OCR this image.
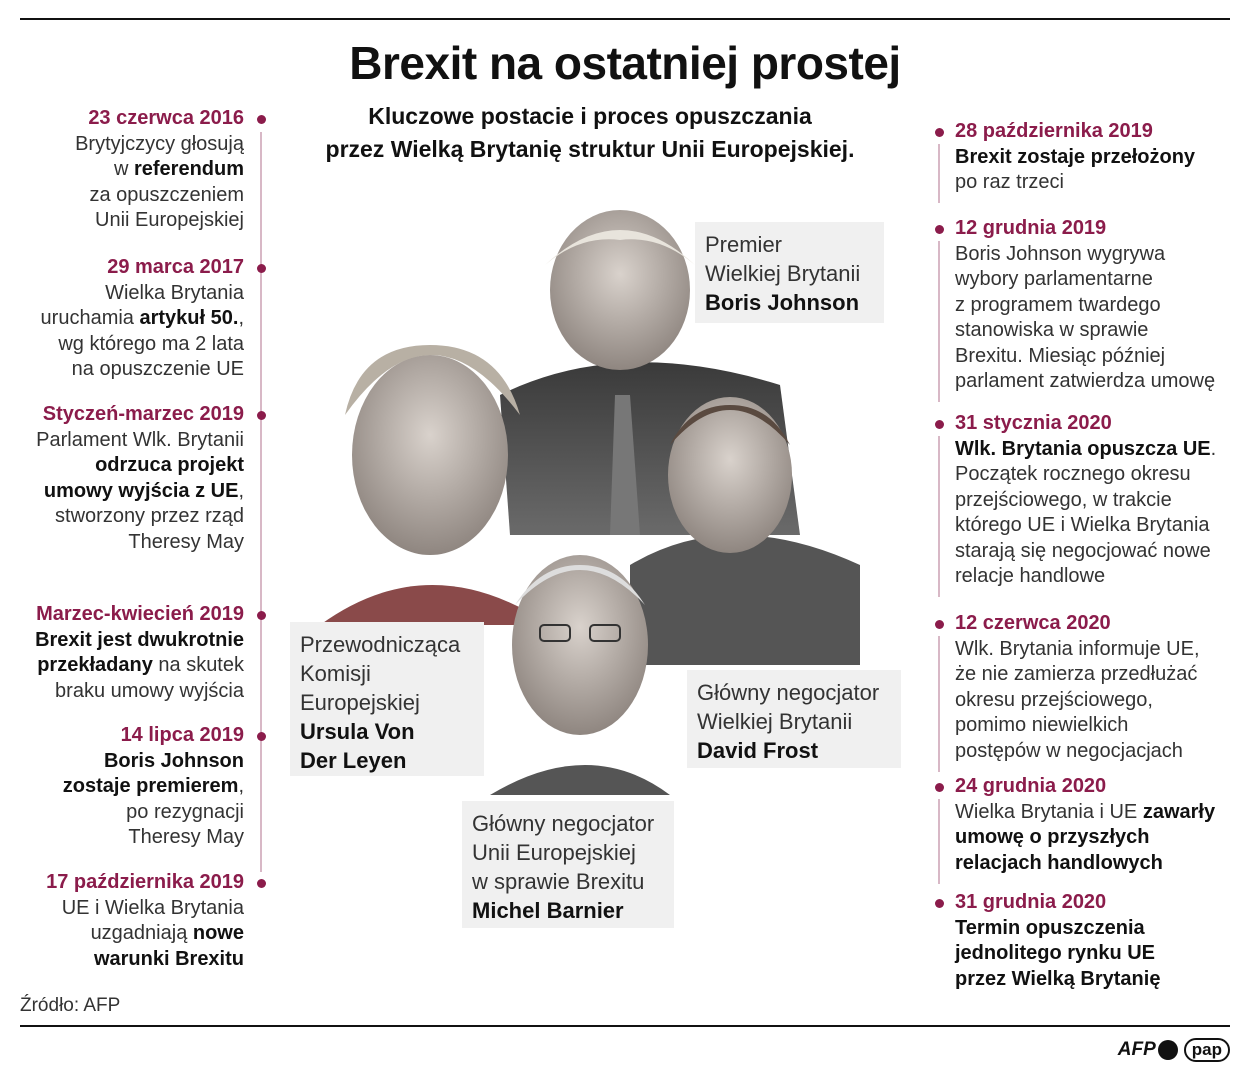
Brexit na ostatniej prostej
Kluczowe postacie i proces opuszczania
przez Wielką Brytanię struktur Unii Europejskiej.
23 czerwca 2016
Brytyjczycy głosują
w referendum
za opuszczeniem
Unii Europejskiej
29 marca 2017
Wielka Brytania
uruchamia artykuł 50.,
wg którego ma 2 lata
na opuszczenie UE
Styczeń-marzec 2019
Parlament Wlk. Brytanii
odrzuca projekt
umowy wyjścia z UE,
stworzony przez rząd
Theresy May
Marzec-kwiecień 2019
Brexit jest dwukrotnie
przekładany na skutek
braku umowy wyjścia
14 lipca 2019
Boris Johnson
zostaje premierem,
po rezygnacji
Theresy May
17 października 2019
UE i Wielka Brytania
uzgadniają nowe
warunki Brexitu
28 października 2019
Brexit zostaje przełożony
po raz trzeci
12 grudnia 2019
Boris Johnson wygrywa
wybory parlamentarne
z programem twardego
stanowiska w sprawie
Brexitu. Miesiąc później
parlament zatwierdza umowę
31 stycznia 2020
Wlk. Brytania opuszcza UE.
Początek rocznego okresu
przejściowego, w trakcie
którego UE i Wielka Brytania
starają się negocjować nowe
relacje handlowe
12 czerwca 2020
Wlk. Brytania informuje UE,
że nie zamierza przedłużać
okresu przejściowego,
pomimo niewielkich
postępów w negocjacjach
24 grudnia 2020
Wielka Brytania i UE zawarły
umowę o przyszłych
relacjach handlowych
31 grudnia 2020
Termin opuszczenia
jednolitego rynku UE
przez Wielką Brytanię
Premier
Wielkiej Brytanii
Boris Johnson
Przewodnicząca
Komisji
Europejskiej
Ursula Von
Der Leyen
Główny negocjator
Wielkiej Brytanii
David Frost
Główny negocjator
Unii Europejskiej
w sprawie Brexitu
Michel Barnier
Źródło: AFP
AFP	pap
